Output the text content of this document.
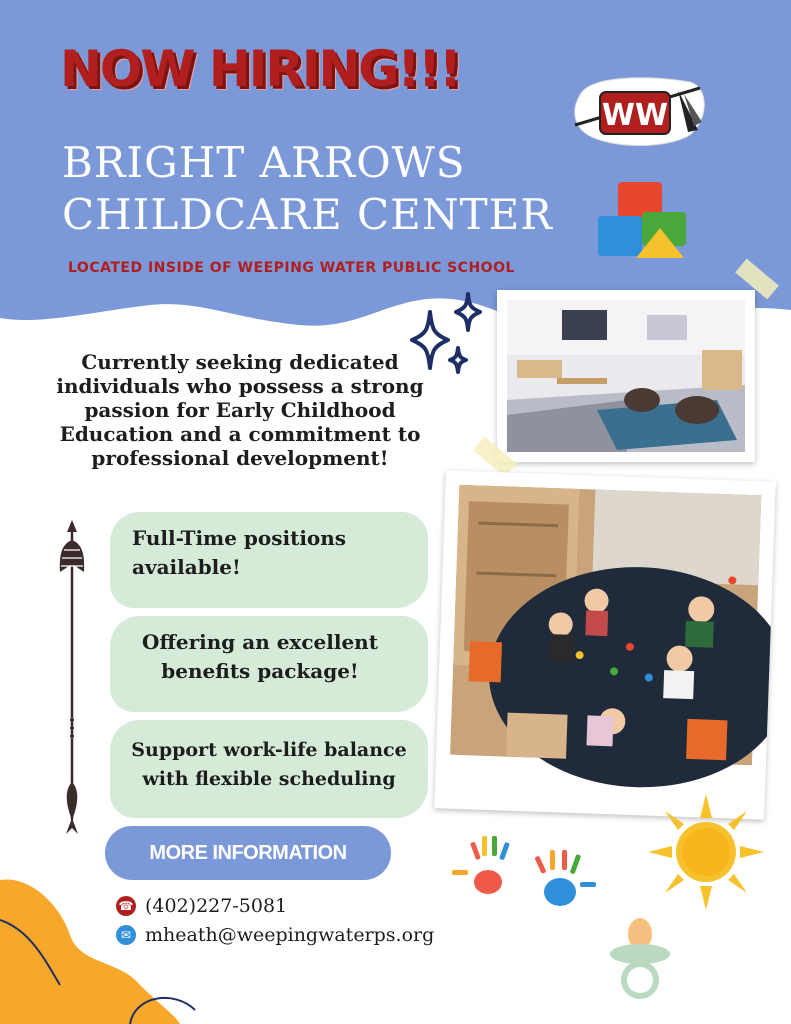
NOW HIRING!!!
BRIGHT ARROWS
CHILDCARE CENTER
LOCATED INSIDE OF WEEPING WATER PUBLIC SCHOOL
WW
Currently seeking dedicated
individuals who possess a strong
passion for Early Childhood
Education and a commitment to
professional development!
Full-Time positions
available!
Offering an excellent
benefits package!
Support work-life balance
with flexible scheduling
MORE INFORMATION
☎ (402)227-5081
✉ mheath@weepingwaterps.org
